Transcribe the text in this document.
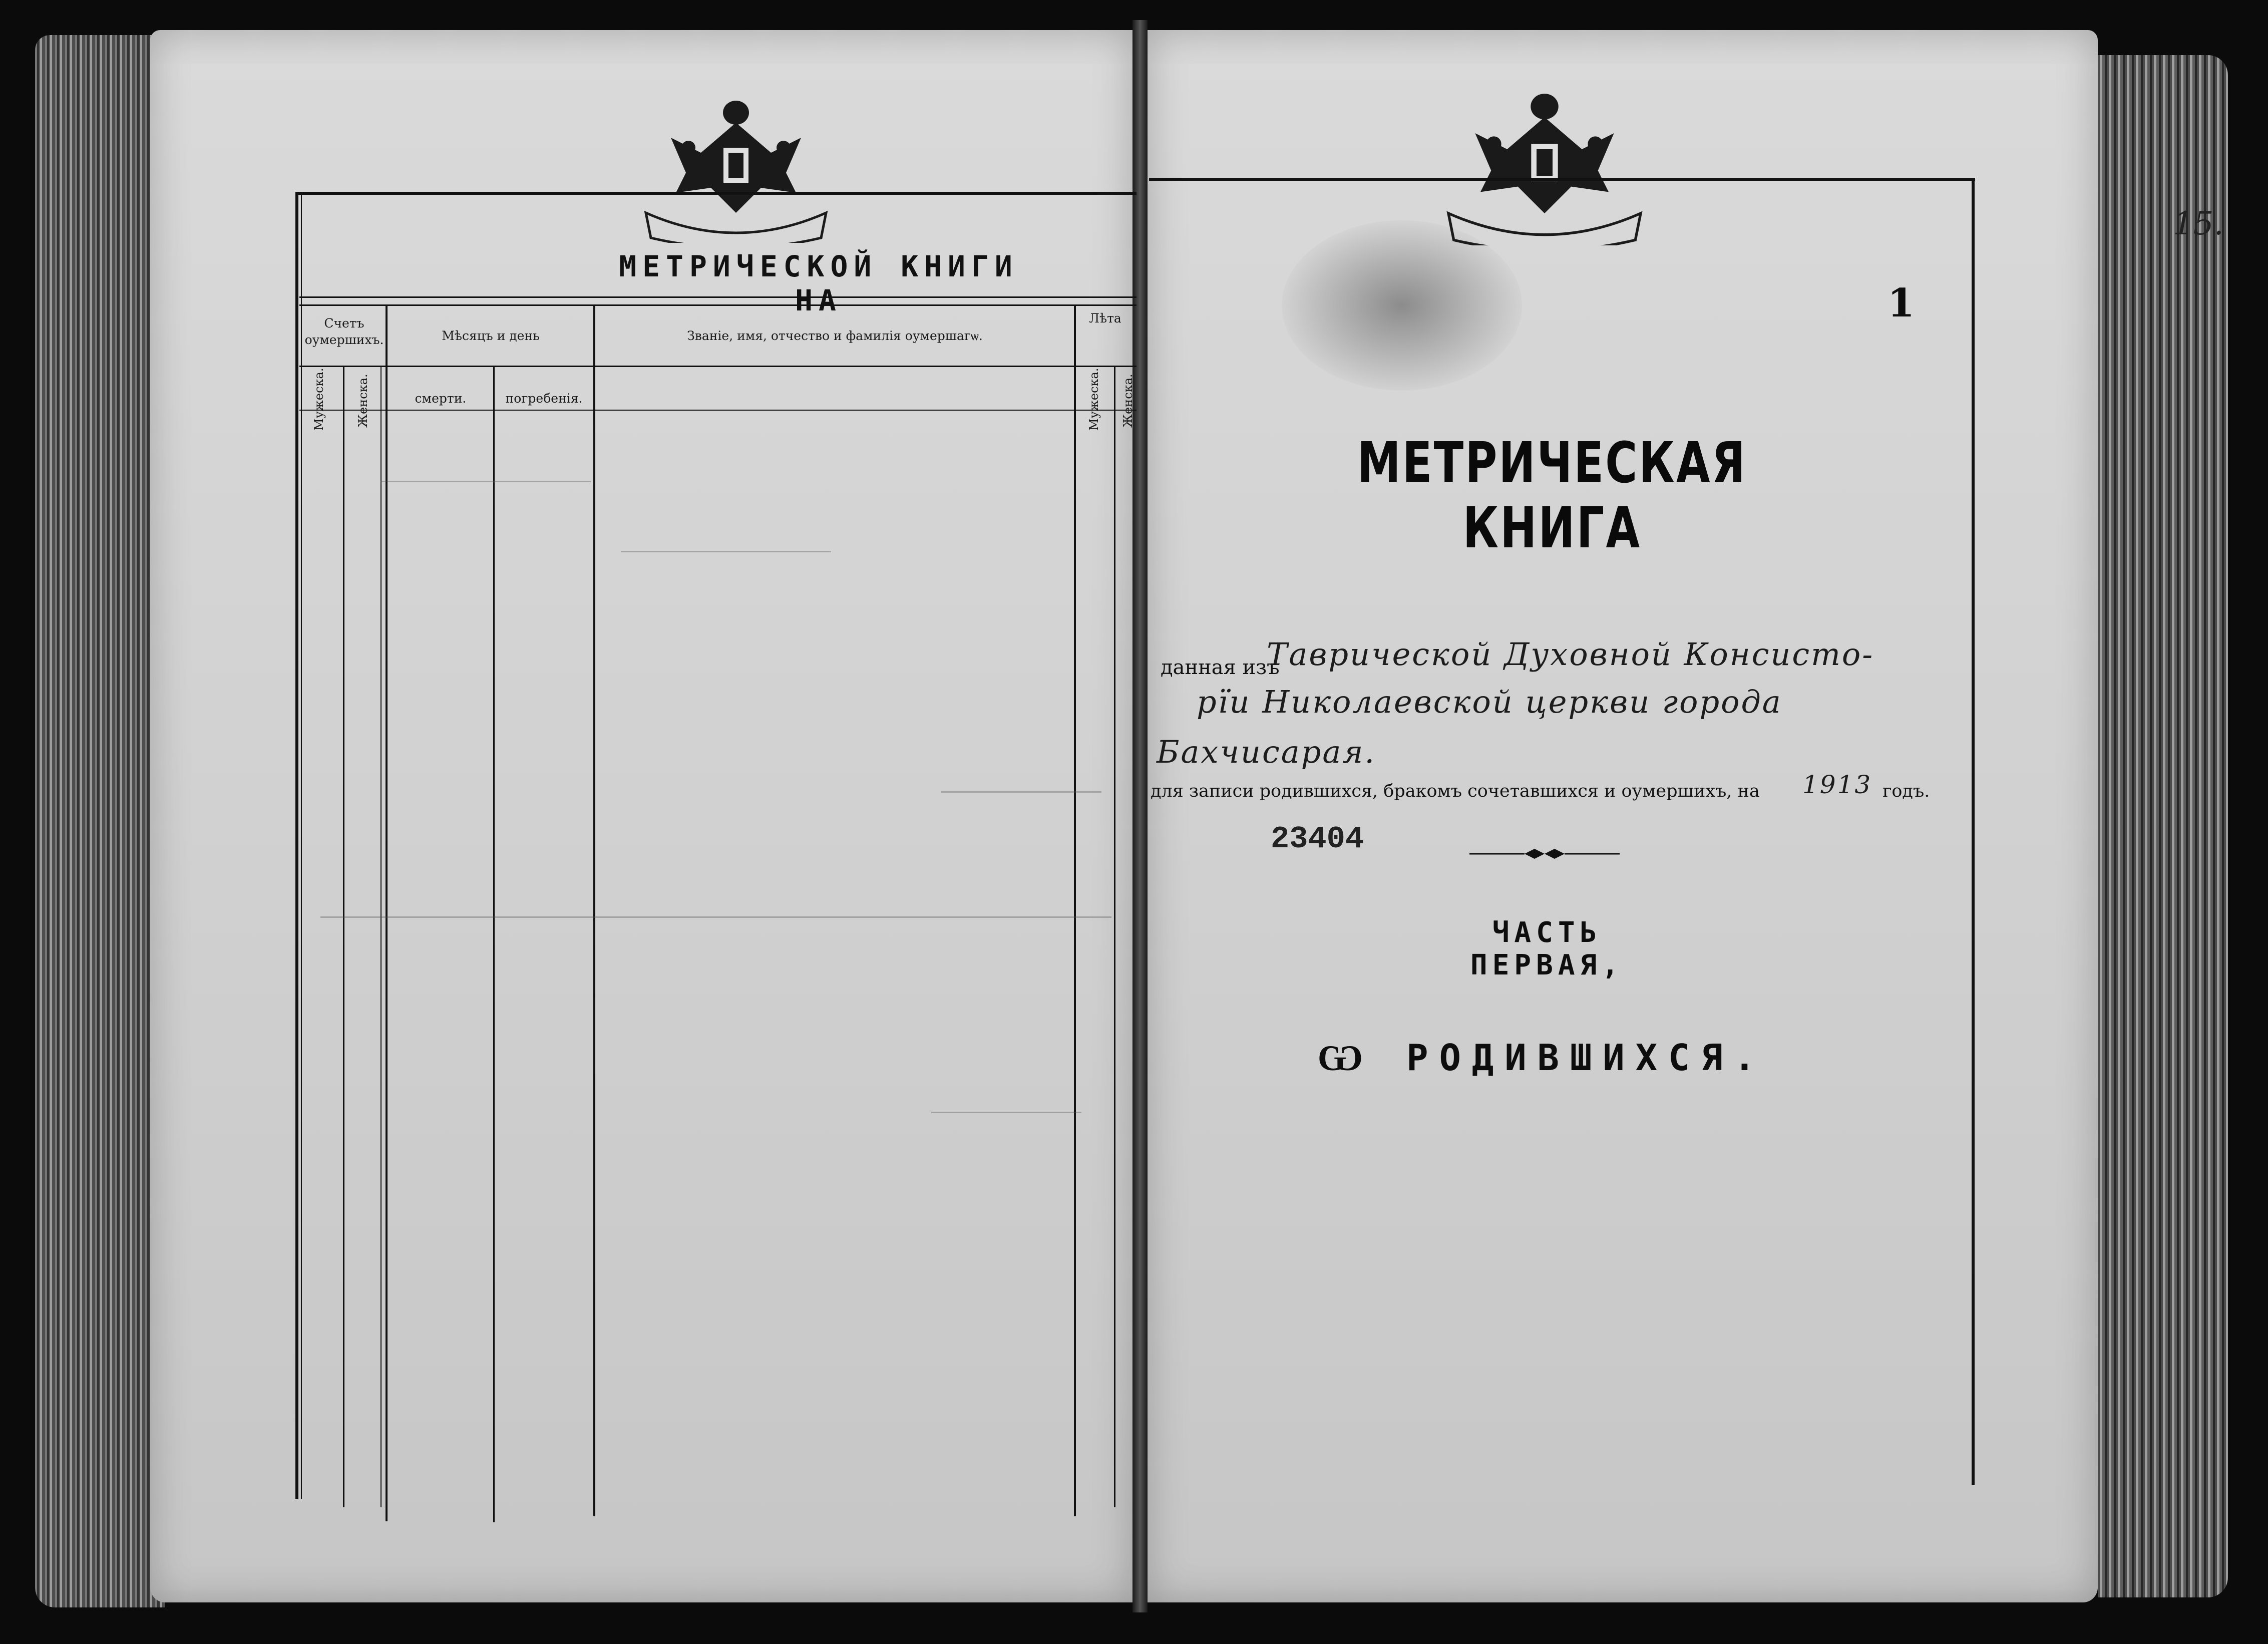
МЕТРИЧЕСКОЙ КНИГИ НА
Счетъ оумершихъ.
Мужеска.	Женска.
Мѣсяцъ и день
смерти.	погребенія.
Званіе, имя, отчество и фамилія оумершагѡ.
Лѣта
Мужеска. Женска.
15.
1
МЕТРИЧЕСКАЯ КНИГА
данная изъ
Таврической Духовной Консисто-
рїи Николаевской церкви города
Бахчисарая.
для записи родившихся, бракомъ сочетавшихся и оумершихъ, на 1913 годъ.
23404
ЧАСТЬ ПЕРВАЯ,
Ѡ РОДИВШИХСЯ.
